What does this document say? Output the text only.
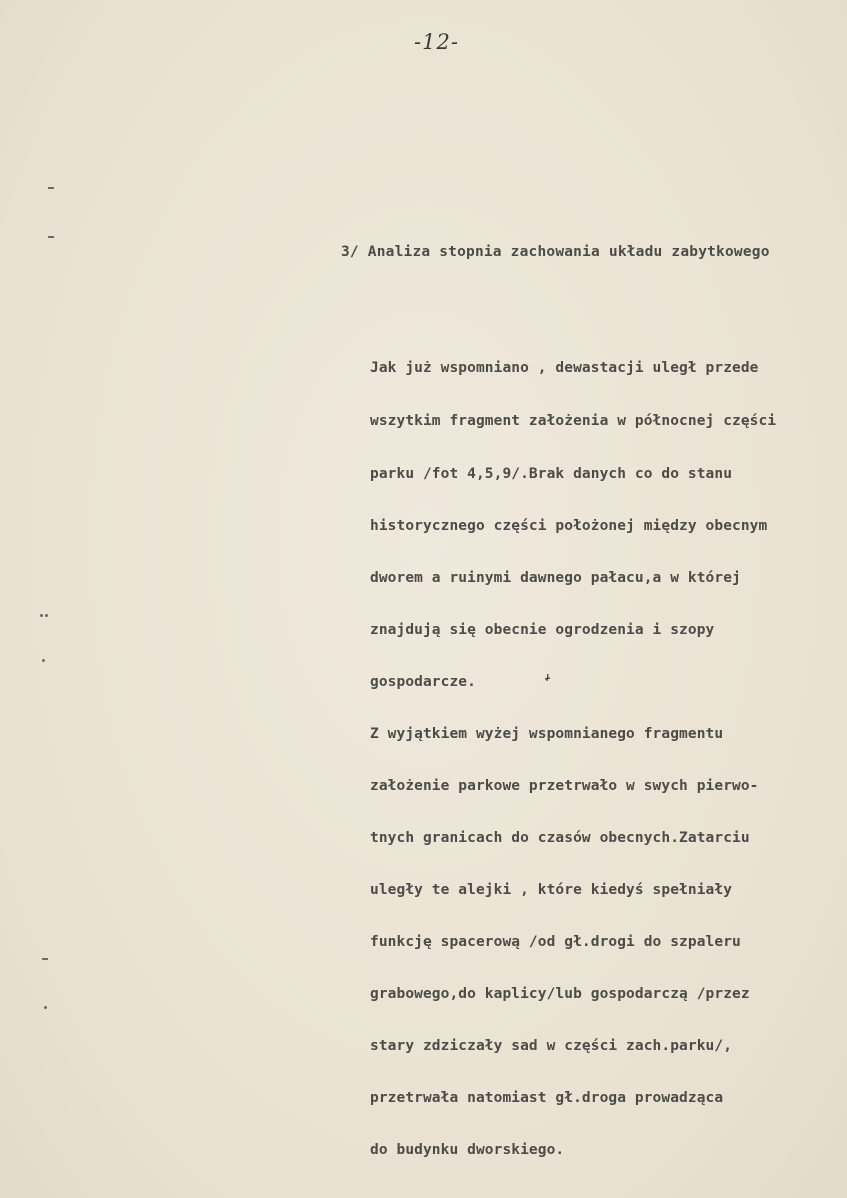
-12-
3/ Analiza stopnia zachowania układu zabytkowego
Jak już wspomniano , dewastacji uległ przede
wszytkim fragment założenia w północnej części
parku /fot 4,5,9/.Brak danych co do stanu
historycznego części położonej między obecnym
dworem a ruinymi dawnego pałacu,a w której
znajdują się obecnie ogrodzenia i szopy
gospodarcze.
Z wyjątkiem wyżej wspomnianego fragmentu
założenie parkowe przetrwało w swych pierwo-
tnych granicach do czasów obecnych.Zatarciu
uległy te alejki , które kiedyś spełniały
funkcję spacerową /od gł.drogi do szpaleru
grabowego,do kaplicy/lub gospodarczą /przez
stary zdziczały sad w części zach.parku/,
przetrwała natomiast gł.droga prowadząca
do budynku dworskiego.
